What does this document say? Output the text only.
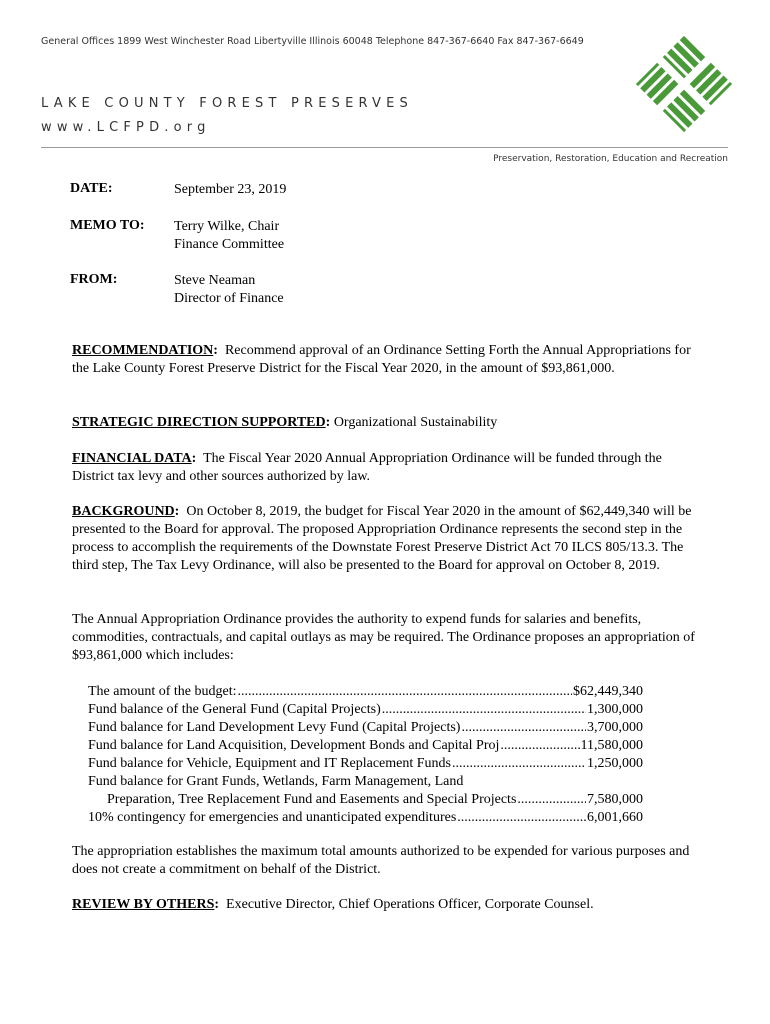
General Offices 1899 West Winchester Road Libertyville Illinois 60048 Telephone 847-367-6640 Fax 847-367-6649
LAKE COUNTY FOREST PRESERVES
www.LCFPD.org
Preservation, Restoration, Education and Recreation
DATE:	September 23, 2019
MEMO TO: Terry Wilke, Chair
Finance Committee
FROM:	Steve Neaman
Director of Finance
RECOMMENDATION: Recommend approval of an Ordinance Setting Forth the Annual Appropriations for the Lake County Forest Preserve District for the Fiscal Year 2020, in the amount of $93,861,000.
STRATEGIC DIRECTION SUPPORTED: Organizational Sustainability
FINANCIAL DATA: The Fiscal Year 2020 Annual Appropriation Ordinance will be funded through the District tax levy and other sources authorized by law.
BACKGROUND: On October 8, 2019, the budget for Fiscal Year 2020 in the amount of $62,449,340 will be presented to the Board for approval. The proposed Appropriation Ordinance represents the second step in the process to accomplish the requirements of the Downstate Forest Preserve District Act 70 ILCS 805/13.3. The third step, The Tax Levy Ordinance, will also be presented to the Board for approval on October 8, 2019.
The Annual Appropriation Ordinance provides the authority to expend funds for salaries and benefits, commodities, contractuals, and capital outlays as may be required. The Ordinance proposes an appropriation of $93,861,000 which includes:
The amount of the budget: .....	$62,449,340
Fund balance of the General Fund (Capital Projects) .....	1,300,000
Fund balance for Land Development Levy Fund (Capital Projects) .....	3,700,000
Fund balance for Land Acquisition, Development Bonds and Capital Proj .....	11,580,000
Fund balance for Vehicle, Equipment and IT Replacement Funds .....	1,250,000
Fund balance for Grant Funds, Wetlands, Farm Management, Land
Preparation, Tree Replacement Fund and Easements and Special Projects .....	7,580,000
10% contingency for emergencies and unanticipated expenditures .....	6,001,660
The appropriation establishes the maximum total amounts authorized to be expended for various purposes and does not create a commitment on behalf of the District.
REVIEW BY OTHERS: Executive Director, Chief Operations Officer, Corporate Counsel.
